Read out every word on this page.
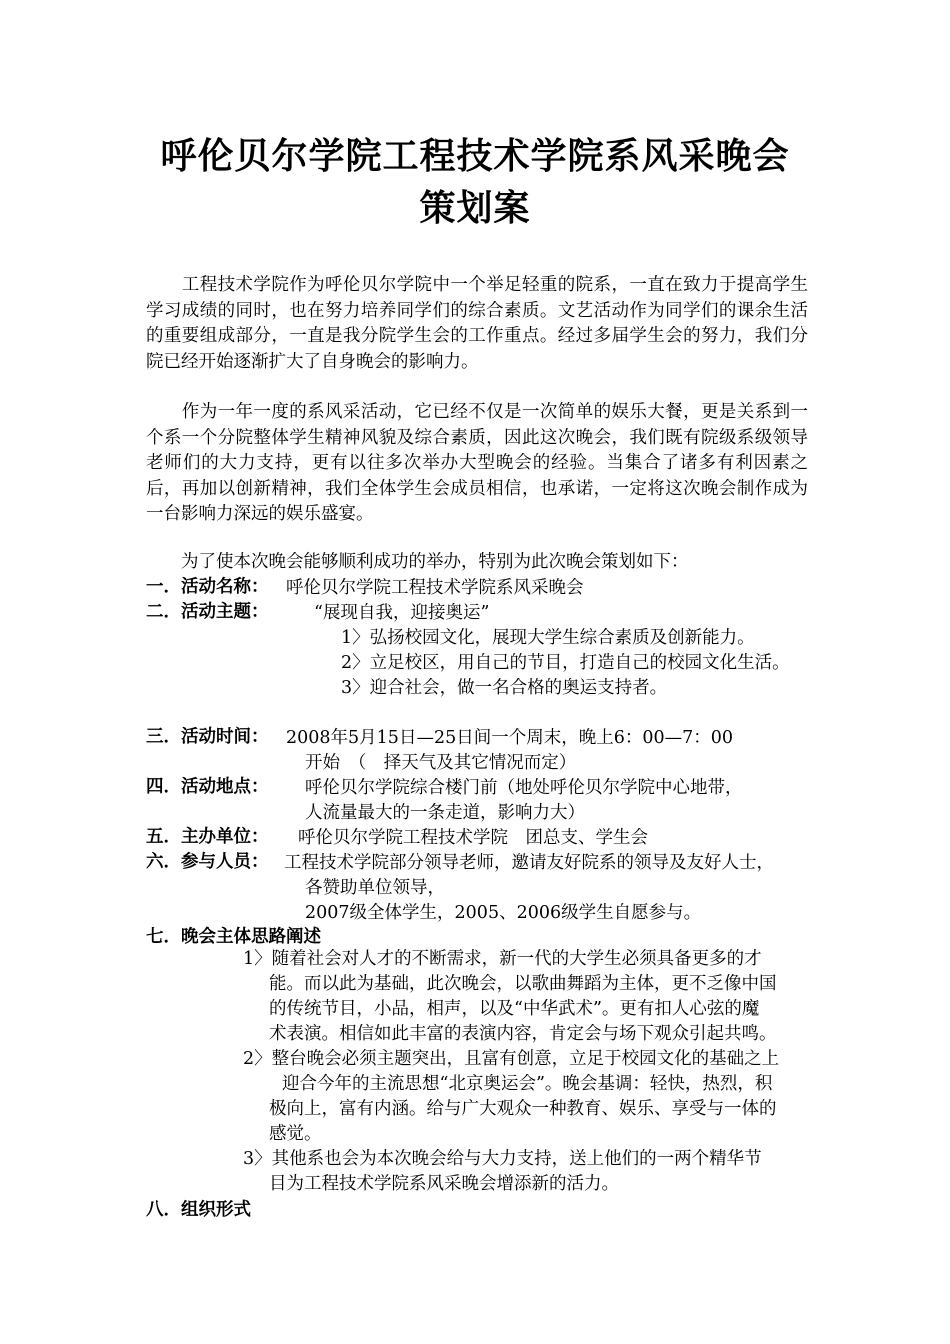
呼伦贝尔学院工程技术学院系风采晚会
策划案
　　工程技术学院作为呼伦贝尔学院中一个举足轻重的院系，一直在致力于提高学生学习成绩的同时，也在努力培养同学们的综合素质。文艺活动作为同学们的课余生活的重要组成部分，一直是我分院学生会的工作重点。经过多届学生会的努力，我们分院已经开始逐渐扩大了自身晚会的影响力。
　　作为一年一度的系风采活动，它已经不仅是一次简单的娱乐大餐，更是关系到一个系一个分院整体学生精神风貌及综合素质，因此这次晚会，我们既有院级系级领导老师们的大力支持，更有以往多次举办大型晚会的经验。当集合了诸多有利因素之后，再加以创新精神，我们全体学生会成员相信，也承诺，一定将这次晚会制作成为一台影响力深远的娱乐盛宴。
　　为了使本次晚会能够顺利成功的举办，特别为此次晚会策划如下：
一．活动名称： 呼伦贝尔学院工程技术学院系风采晚会
二．活动主题：	“展现自我，迎接奥运”
1〉弘扬校园文化，展现大学生综合素质及创新能力。
2〉立足校区，用自己的节目，打造自己的校园文化生活。
3〉迎合社会，做一名合格的奥运支持者。
三．活动时间： 2008年5月15日—25日间一个周末，晚上6：00—7：00
开始　（　择天气及其它情况而定）
四．活动地点： 呼伦贝尔学院综合楼门前（地处呼伦贝尔学院中心地带，
人流量最大的一条走道，影响力大）
五．主办单位： 呼伦贝尔学院工程技术学院　团总支、学生会
六．参与人员： 工程技术学院部分领导老师，邀请友好院系的领导及友好人士，
各赞助单位领导，
2007级全体学生，2005、2006级学生自愿参与。
七．晚会主体思路阐述
1〉随着社会对人才的不断需求，新一代的大学生必须具备更多的才
能。而以此为基础，此次晚会，以歌曲舞蹈为主体，更不乏像中国
的传统节目，小品，相声，以及“中华武术”。更有扣人心弦的魔
术表演。相信如此丰富的表演内容，肯定会与场下观众引起共鸣。
2〉整台晚会必须主题突出，且富有创意，立足于校园文化的基础之上
迎合今年的主流思想“北京奥运会”。晚会基调：轻快，热烈，积
极向上，富有内涵。给与广大观众一种教育、娱乐、享受与一体的
感觉。
3〉其他系也会为本次晚会给与大力支持，送上他们的一两个精华节
目为工程技术学院系风采晚会增添新的活力。
八．组织形式
